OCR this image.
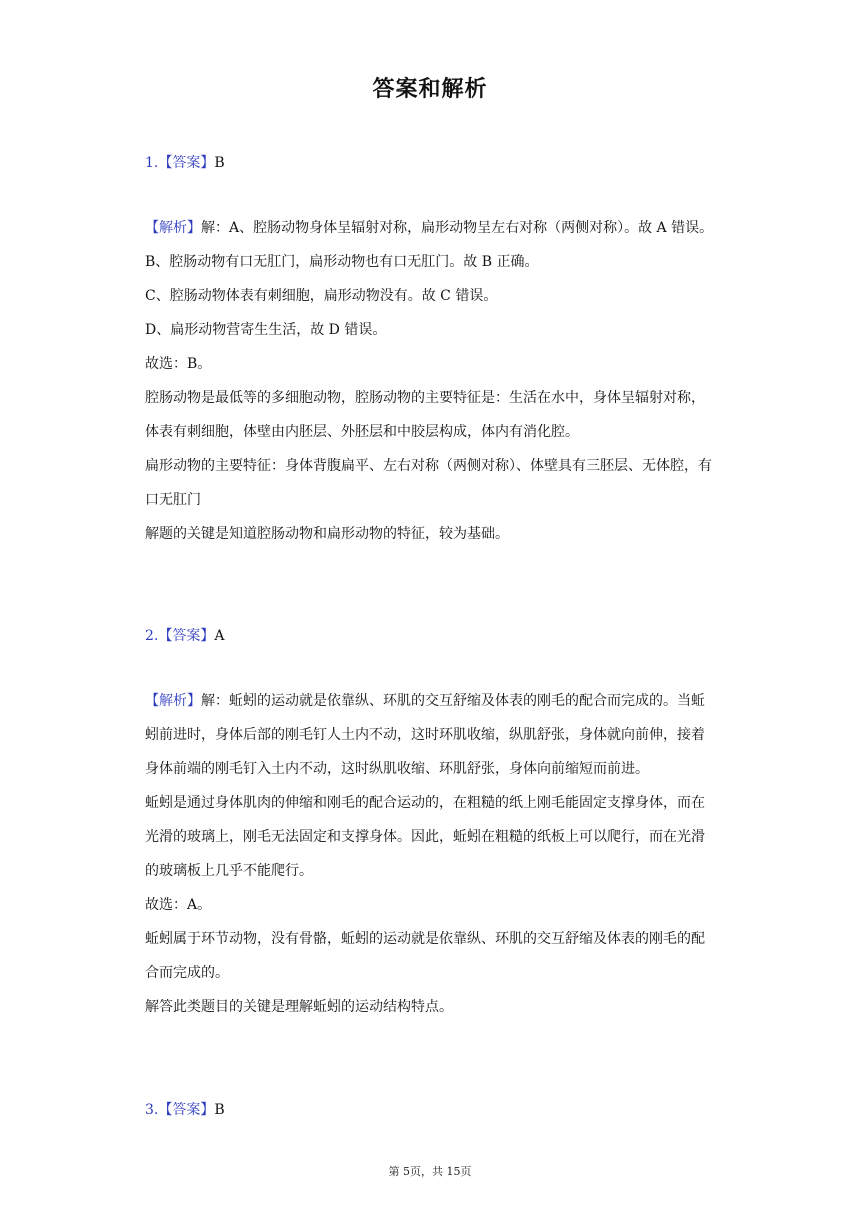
答案和解析
1.【答案】B

【解析】解：A、腔肠动物身体呈辐射对称，扁形动物呈左右对称（两侧对称）。故 A 错误。

B、腔肠动物有口无肛门，扁形动物也有口无肛门。故 B 正确。

C、腔肠动物体表有刺细胞，扁形动物没有。故 C 错误。

D、扁形动物营寄生生活，故 D 错误。

故选：B。

腔肠动物是最低等的多细胞动物，腔肠动物的主要特征是：生活在水中，身体呈辐射对称，体表有刺细胞，体壁由内胚层、外胚层和中胶层构成，体内有消化腔。

扁形动物的主要特征：身体背腹扁平、左右对称（两侧对称）、体壁具有三胚层、无体腔，有口无肛门

解题的关键是知道腔肠动物和扁形动物的特征，较为基础。

2.【答案】A

【解析】解：蚯蚓的运动就是依靠纵、环肌的交互舒缩及体表的刚毛的配合而完成的。当蚯蚓前进时，身体后部的刚毛钉人土内不动，这时环肌收缩，纵肌舒张，身体就向前伸，接着身体前端的刚毛钉入土内不动，这时纵肌收缩、环肌舒张，身体向前缩短而前进。

蚯蚓是通过身体肌肉的伸缩和刚毛的配合运动的，在粗糙的纸上刚毛能固定支撑身体，而在光滑的玻璃上，刚毛无法固定和支撑身体。因此，蚯蚓在粗糙的纸板上可以爬行，而在光滑的玻璃板上几乎不能爬行。

故选：A。

蚯蚓属于环节动物，没有骨骼，蚯蚓的运动就是依靠纵、环肌的交互舒缩及体表的刚毛的配合而完成的。

解答此类题目的关键是理解蚯蚓的运动结构特点。

3.【答案】B
第 5页，共 15页
